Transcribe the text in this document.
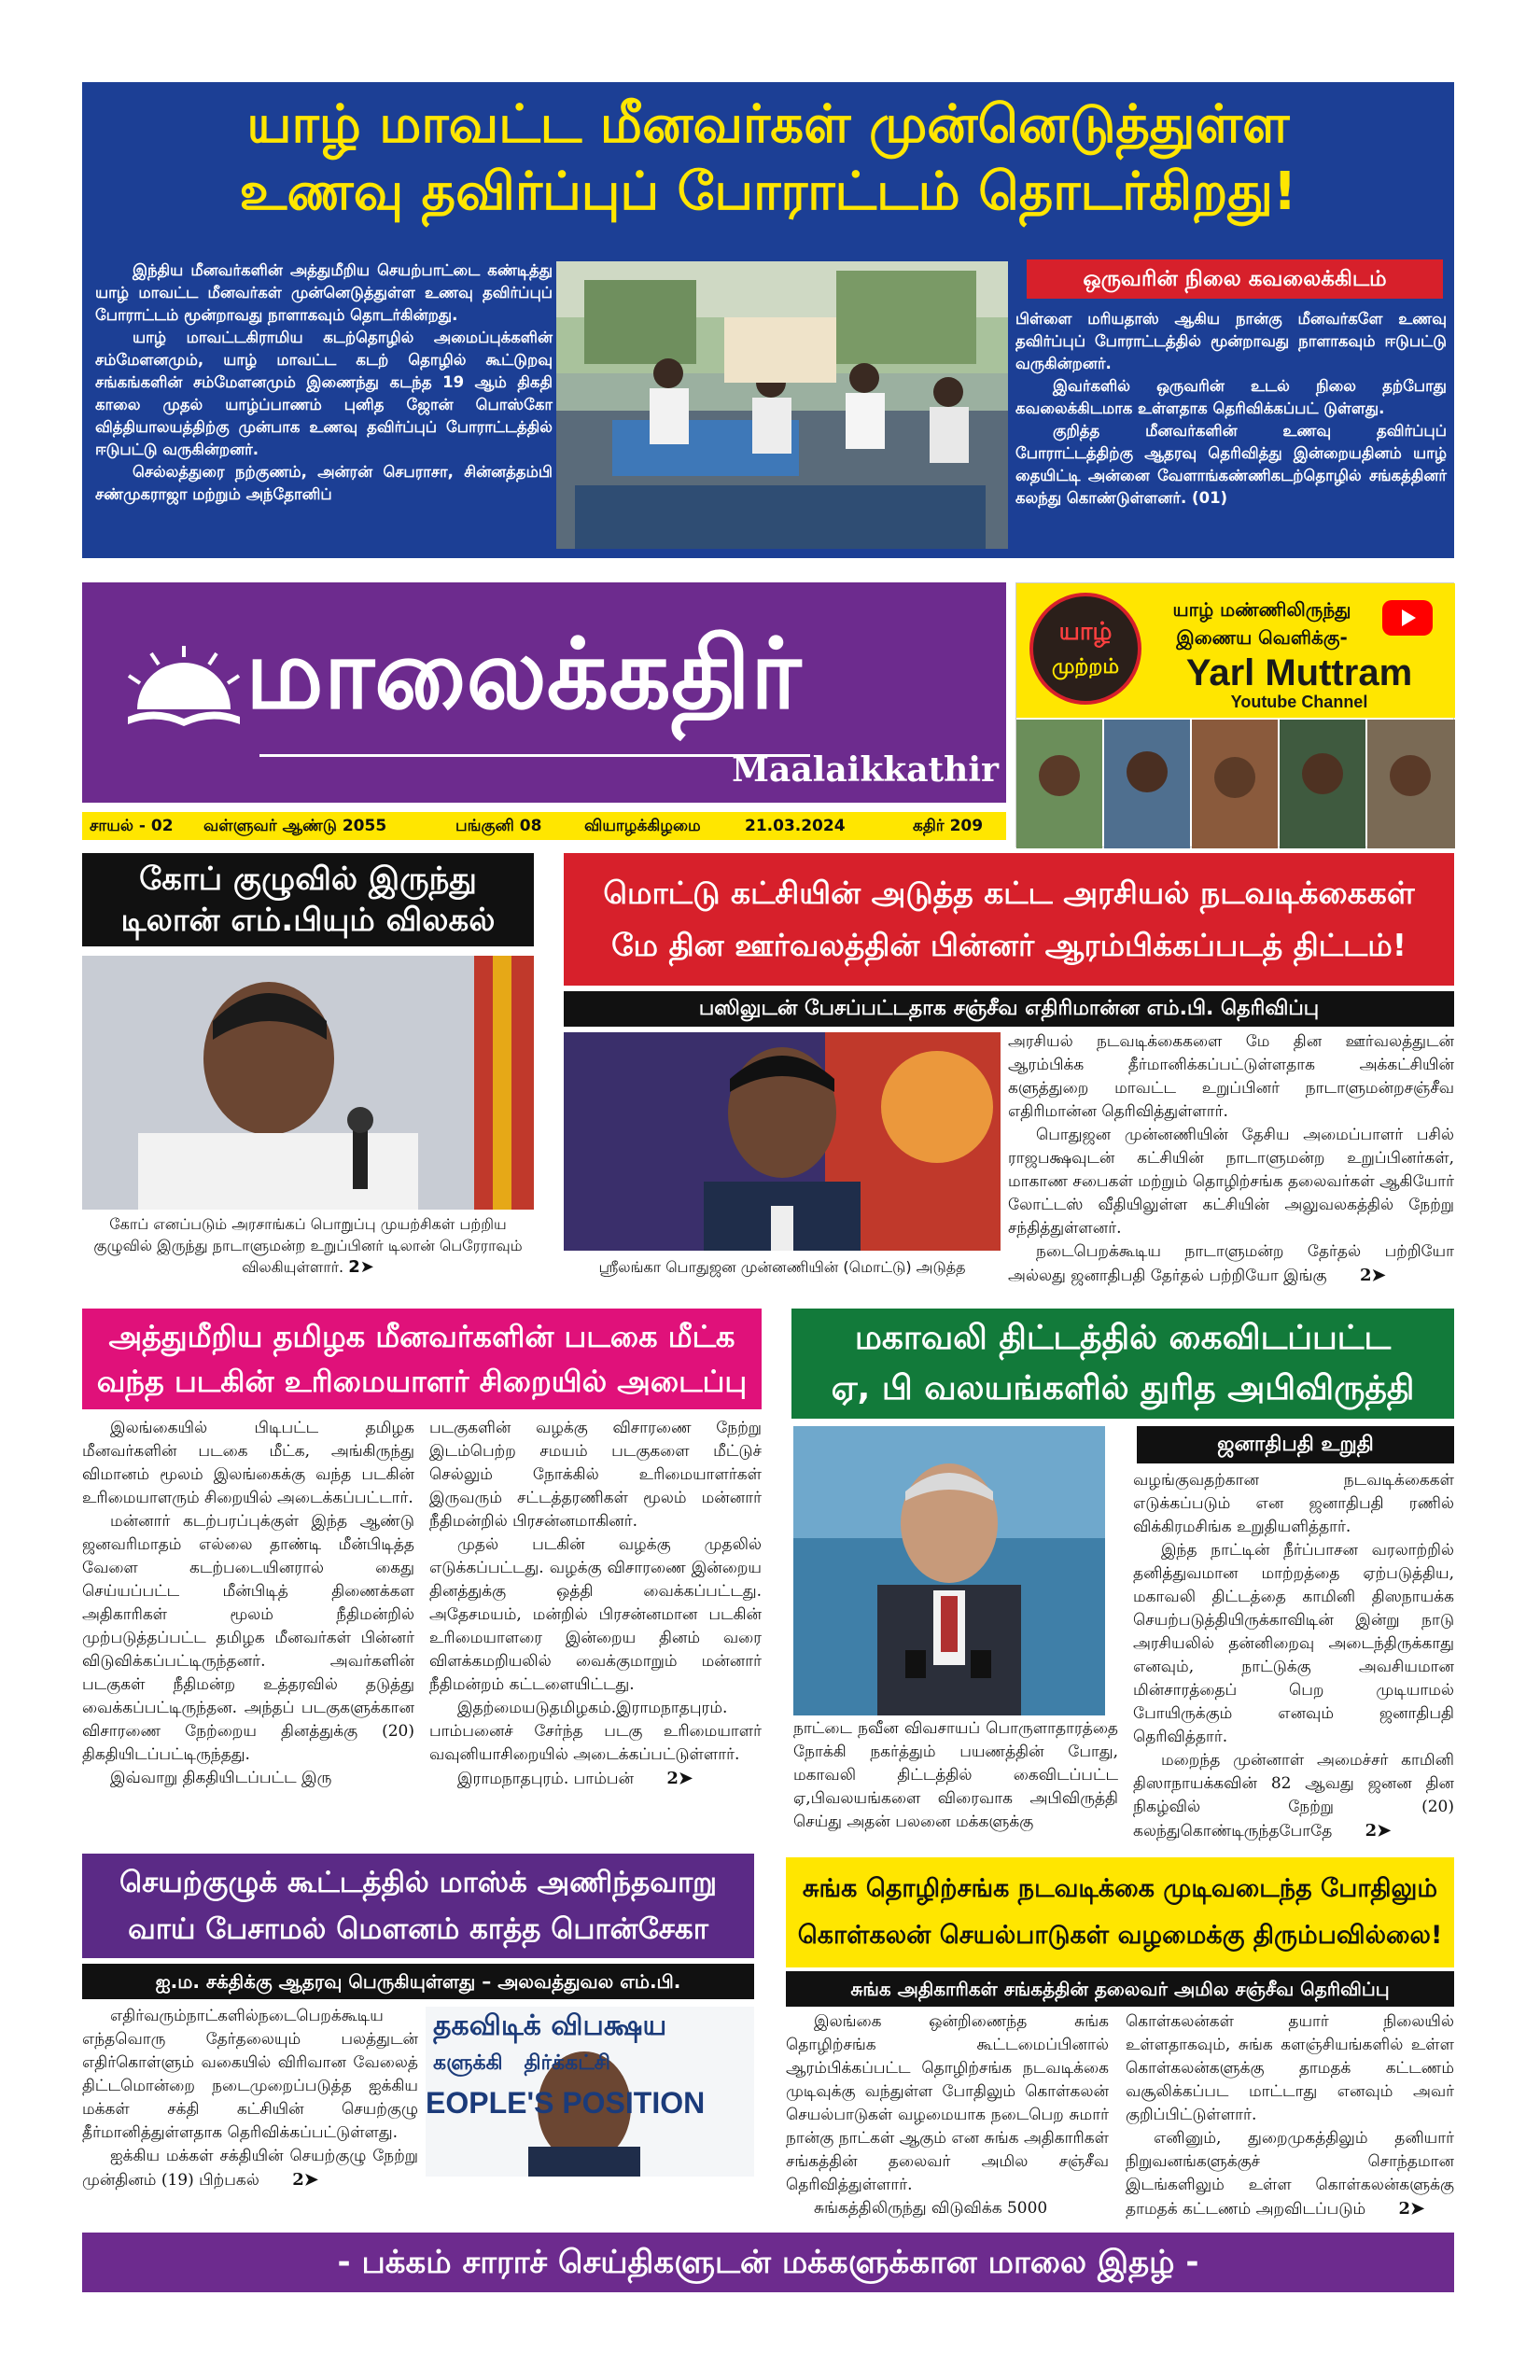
யாழ் மாவட்ட மீனவர்கள் முன்னெடுத்துள்ள
உணவு தவிர்ப்புப் போராட்டம் தொடர்கிறது!

இந்திய மீனவர்களின் அத்துமீறிய செயற்பாட்டை கண்டித்து யாழ் மாவட்ட மீனவர்கள் முன்னெடுத்துள்ள உணவு தவிர்ப்புப் போராட்டம் மூன்றாவது நாளாகவும் தொடர்கின்றது.

யாழ் மாவட்டகிராமிய கடற்தொழில் அமைப்புக்களின் சம்மேளனமும், யாழ் மாவட்ட கடற் தொழில் கூட்டுறவு சங்கங்களின் சம்மேளனமும் இணைந்து கடந்த 19 ஆம் திகதி காலை முதல் யாழ்ப்பாணம் புனித ஜோன் பொஸ்கோ வித்தியாலயத்திற்கு முன்பாக உணவு தவிர்ப்புப் போராட்டத்தில் ஈடுபட்டு வருகின்றனர்.

செல்லத்துரை நற்குணம், அன்ரன் செபராசா, சின்னத்தம்பி சண்முகராஜா மற்றும் அந்தோனிப்

ஒருவரின் நிலை கவலைக்கிடம்

பிள்ளை மரியதாஸ் ஆகிய நான்கு மீனவர்களே உணவு தவிர்ப்புப் போராட்டத்தில் மூன்றாவது நாளாகவும் ஈடுபட்டு வருகின்றனர்.

இவர்களில் ஒருவரின் உடல் நிலை தற்போது கவலைக்கிடமாக உள்ளதாக தெரிவிக்கப்பட் டுள்ளது.

குறித்த மீனவர்களின் உணவு தவிர்ப்புப் போராட்டத்திற்கு ஆதரவு தெரிவித்து இன்றையதினம் யாழ் தையிட்டி அன்னை வேளாங்கண்ணிகடற்தொழில் சங்கத்தினர் கலந்து கொண்டுள்ளனர். (01)

மாலைக்கதிர்
Maalaikkathir
யாழ்
முற்றம்
யாழ் மண்ணிலிருந்து
இணைய வெளிக்கு-
Yarl Muttram
Youtube Channel
சாயல் - 02 வள்ளுவர் ஆண்டு 2055	பங்குனி 08	வியாழக்கிழமை	21.03.2024	கதிர் 209
கோப் குழுவில் இருந்து
டிலான் எம்.பியும் விலகல்
கோப் எனப்படும் அரசாங்கப் பொறுப்பு முயற்சிகள் பற்றிய குழுவில் இருந்து நாடாளுமன்ற உறுப்பினர் டிலான் பெரேராவும் விலகியுள்ளார். 2➤
மொட்டு கட்சியின் அடுத்த கட்ட அரசியல் நடவடிக்கைகள்
மே தின ஊர்வலத்தின் பின்னர் ஆரம்பிக்கப்படத் திட்டம்!
பஸிலுடன் பேசப்பட்டதாக சஞ்சீவ எதிரிமான்ன எம்.பி. தெரிவிப்பு
ஸ்ரீலங்கா பொதுஜன முன்னணியின் (மொட்டு) அடுத்த

அரசியல் நடவடிக்கைகளை மே தின ஊர்வலத்துடன் ஆரம்பிக்க தீர்மானிக்கப்பட்டுள்ளதாக அக்கட்சியின் களுத்துறை மாவட்ட உறுப்பினர் நாடாளுமன்றசஞ்சீவ எதிரிமான்ன தெரிவித்துள்ளார்.

பொதுஜன முன்னணியின் தேசிய அமைப்பாளர் பசில் ராஜபக்ஷவுடன் கட்சியின் நாடாளுமன்ற உறுப்பினர்கள், மாகாண சபைகள் மற்றும் தொழிற்சங்க தலைவர்கள் ஆகியோர் லோட்டஸ் வீதியிலுள்ள கட்சியின் அலுவலகத்தில் நேற்று சந்தித்துள்ளனர்.

நடைபெறக்கூடிய நாடாளுமன்ற தேர்தல் பற்றியோ அல்லது ஜனாதிபதி தேர்தல் பற்றியோ இங்கு 2➤

அத்துமீறிய தமிழக மீனவர்களின் படகை மீட்க
வந்த படகின் உரிமையாளர் சிறையில் அடைப்பு

இலங்கையில் பிடிபட்ட தமிழக மீனவர்களின் படகை மீட்க, அங்கிருந்து விமானம் மூலம் இலங்கைக்கு வந்த படகின் உரிமையாளரும் சிறையில் அடைக்கப்பட்டார்.

மன்னார் கடற்பரப்புக்குள் இந்த ஆண்டு ஜனவரிமாதம் எல்லை தாண்டி மீன்பிடித்த வேளை கடற்படையினரால் கைது செய்யப்பட்ட மீன்பிடித் திணைக்கள அதிகாரிகள் மூலம் நீதிமன்றில் முற்படுத்தப்பட்ட தமிழக மீனவர்கள் பின்னர் விடுவிக்கப்பட்டிருந்தனர். அவர்களின் படகுகள் நீதிமன்ற உத்தரவில் தடுத்து வைக்கப்பட்டிருந்தன. அந்தப் படகுகளுக்கான விசாரணை நேற்றைய தினத்துக்கு (20) திகதியிடப்பட்டிருந்தது.

இவ்வாறு திகதியிடப்பட்ட இரு

படகுகளின் வழக்கு விசாரணை நேற்று இடம்பெற்ற சமயம் படகுகளை மீட்டுச் செல்லும் நோக்கில் உரிமையாளர்கள் இருவரும் சட்டத்தரணிகள் மூலம் மன்னார் நீதிமன்றில் பிரசன்னமாகினர்.

முதல் படகின் வழக்கு முதலில் எடுக்கப்பட்டது. வழக்கு விசாரணை இன்றைய தினத்துக்கு ஒத்தி வைக்கப்பட்டது. அதேசமயம், மன்றில் பிரசன்னமான படகின் உரிமையாளரை இன்றைய தினம் வரை விளக்கமறியலில் வைக்குமாறும் மன்னார் நீதிமன்றம் கட்டளையிட்டது.

இதற்மையடுதமிழகம்.இராமநாதபுரம். பாம்பனைச் சேர்ந்த படகு உரிமையாளர் வவுனியாசிறையில் அடைக்கப்பட்டுள்ளார்.

இராமநாதபுரம். பாம்பன் 2➤

மகாவலி திட்டத்தில் கைவிடப்பட்ட
ஏ, பி வலயங்களில் துரித அபிவிருத்தி
ஜனாதிபதி உறுதி
நாட்டை நவீன விவசாயப் பொருளாதாரத்தை நோக்கி நகர்த்தும் பயணத்தின் போது, மகாவலி திட்டத்தில் கைவிடப்பட்ட ஏ,பிவலயங்களை விரைவாக அபிவிருத்தி செய்து அதன் பலனை மக்களுக்கு

வழங்குவதற்கான நடவடிக்கைகள் எடுக்கப்படும் என ஜனாதிபதி ரணில் விக்கிரமசிங்க உறுதியளித்தார்.

இந்த நாட்டின் நீர்ப்பாசன வரலாற்றில் தனித்துவமான மாற்றத்தை ஏற்படுத்திய, மகாவலி திட்டத்தை காமினி திஸநாயக்க செயற்படுத்தியிருக்காவிடின் இன்று நாடு அரசியலில் தன்னிறைவு அடைந்திருக்காது எனவும், நாட்டுக்கு அவசியமான மின்சாரத்தைப் பெற முடியாமல் போயிருக்கும் எனவும் ஜனாதிபதி தெரிவித்தார்.

மறைந்த முன்னாள் அமைச்சர் காமினி திஸாநாயக்கவின் 82 ஆவது ஜனன தின நிகழ்வில் நேற்று (20) கலந்துகொண்டிருந்தபோதே 2➤

செயற்குழுக் கூட்டத்தில் மாஸ்க் அணிந்தவாறு
வாய் பேசாமல் மௌனம் காத்த பொன்சேகா
ஐ.ம. சக்திக்கு ஆதரவு பெருகியுள்ளது – அலவத்துவல எம்.பி.

எதிர்வரும்நாட்களில்நடைபெறக்கூடிய எந்தவொரு தேர்தலையும் பலத்துடன் எதிர்கொள்ளும் வகையில் விரிவான வேலைத் திட்டமொன்றை நடைமுறைப்படுத்த ஐக்கிய மக்கள் சக்தி கட்சியின் செயற்குழு தீர்மானித்துள்ளதாக தெரிவிக்கப்பட்டுள்ளது.

ஐக்கிய மக்கள் சக்தியின் செயற்குழு நேற்று முன்தினம் (19) பிற்பகல் 2➤

தகவிடிக் விபக்ஷய
களுக்கி   திர்க்கட்சி
EOPLE'S POSITION
சுங்க தொழிற்சங்க நடவடிக்கை முடிவடைந்த போதிலும்
கொள்கலன் செயல்பாடுகள் வழமைக்கு திரும்பவில்லை!
சுங்க அதிகாரிகள் சங்கத்தின் தலைவர் அமில சஞ்சீவ தெரிவிப்பு

இலங்கை ஒன்றிணைந்த சுங்க தொழிற்சங்க கூட்டமைப்பினால் ஆரம்பிக்கப்பட்ட தொழிற்சங்க நடவடிக்கை முடிவுக்கு வந்துள்ள போதிலும் கொள்கலன் செயல்பாடுகள் வழமையாக நடைபெற சுமார் நான்கு நாட்கள் ஆகும் என சுங்க அதிகாரிகள் சங்கத்தின் தலைவர் அமில சஞ்சீவ தெரிவித்துள்ளார்.

சுங்கத்திலிருந்து விடுவிக்க 5000

கொள்கலன்கள் தயார் நிலையில் உள்ளதாகவும், சுங்க களஞ்சியங்களில் உள்ள கொள்கலன்களுக்கு தாமதக் கட்டணம் வசூலிக்கப்பட மாட்டாது எனவும் அவர் குறிப்பிட்டுள்ளார்.

எனினும், துறைமுகத்திலும் தனியார் நிறுவனங்களுக்குச் சொந்தமான இடங்களிலும் உள்ள கொள்கலன்களுக்கு தாமதக் கட்டணம் அறவிடப்படும் 2➤

- பக்கம் சாராச் செய்திகளுடன் மக்களுக்கான மாலை இதழ் -
